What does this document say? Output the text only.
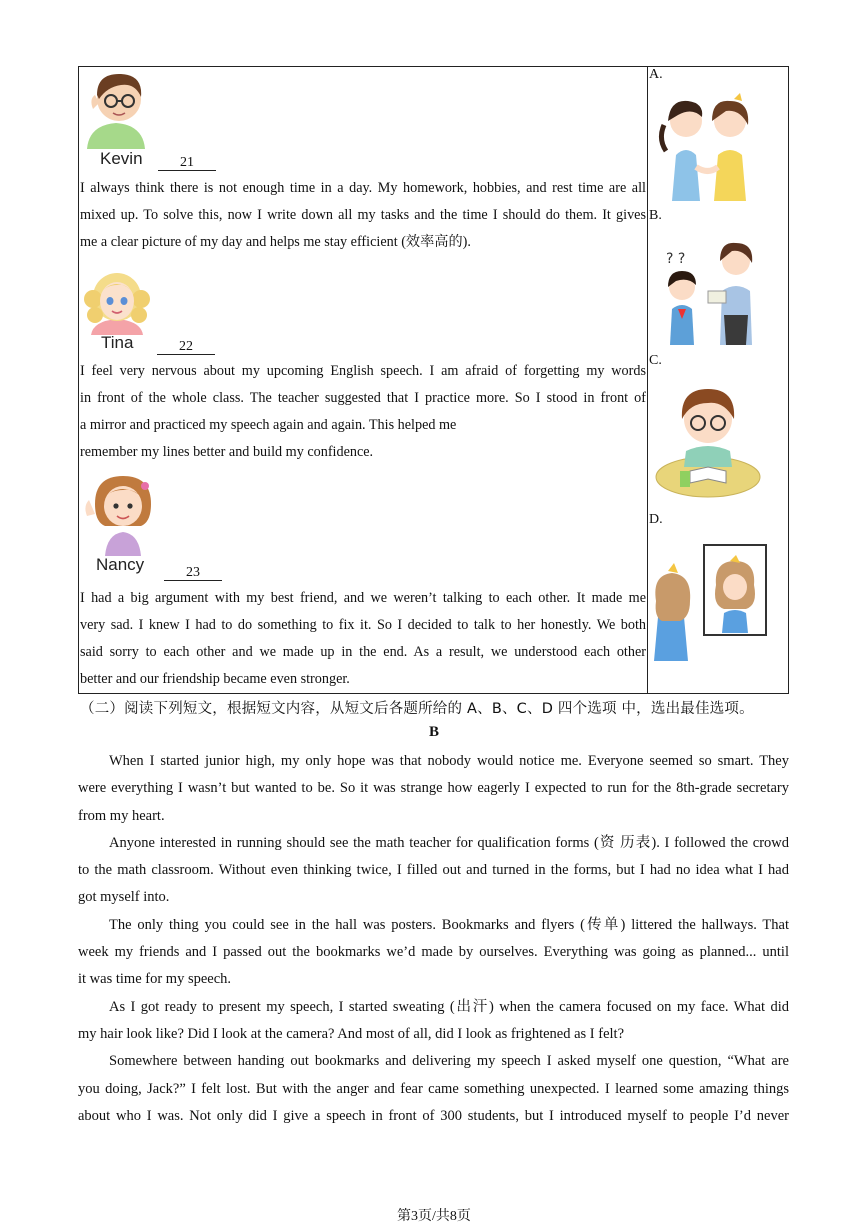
Kevin	21
I always think there is not enough time in a day. My homework, hobbies, and rest time are all
mixed up. To solve this, now I write down all my tasks and the time I should do them. It gives
me a clear picture of my day and helps me stay efficient (效率高的).
Tina	22
I feel very nervous about my upcoming English speech. I am afraid of forgetting my words
in front of the whole class. The teacher suggested that I practice more. So I stood in front of
a mirror and practiced my speech again and again. This helped me
remember my lines better and build my confidence.
Nancy	23
I had a big argument with my best friend, and we weren’t talking to each other. It made me
very sad. I knew I had to do something to fix it. So I decided to talk to her honestly. We both
said sorry to each other and we made up in the end. As a result, we understood each other
better and our friendship became even stronger.
A.
B.
? ?
C.
D.
（二）阅读下列短文，根据短文内容，从短文后各题所给的 A、B、C、D 四个选项 中，选出最佳选项。
B
When I started junior high, my only hope was that nobody would notice me. Everyone seemed so smart. They
were everything I wasn’t but wanted to be. So it was strange how eagerly I expected to run for the 8th-grade secretary
from my heart.
Anyone interested in running should see the math teacher for qualification forms (资 历表). I followed the crowd
to the math classroom. Without even thinking twice, I filled out and turned in the forms, but I had no idea what I had
got myself into.
The only thing you could see in the hall was posters. Bookmarks and flyers (传单) littered the hallways. That
week my friends and I passed out the bookmarks we’d made by ourselves. Everything was going as planned... until
it was time for my speech.
As I got ready to present my speech, I started sweating (出汗) when the camera focused on my face. What did
my hair look like? Did I look at the camera? And most of all, did I look as frightened as I felt?
Somewhere between handing out bookmarks and delivering my speech I asked myself one question, “What are
you doing, Jack?” I felt lost. But with the anger and fear came something unexpected. I learned some amazing things
about who I was. Not only did I give a speech in front of 300 students, but I introduced myself to people I’d never
第3页/共8页
